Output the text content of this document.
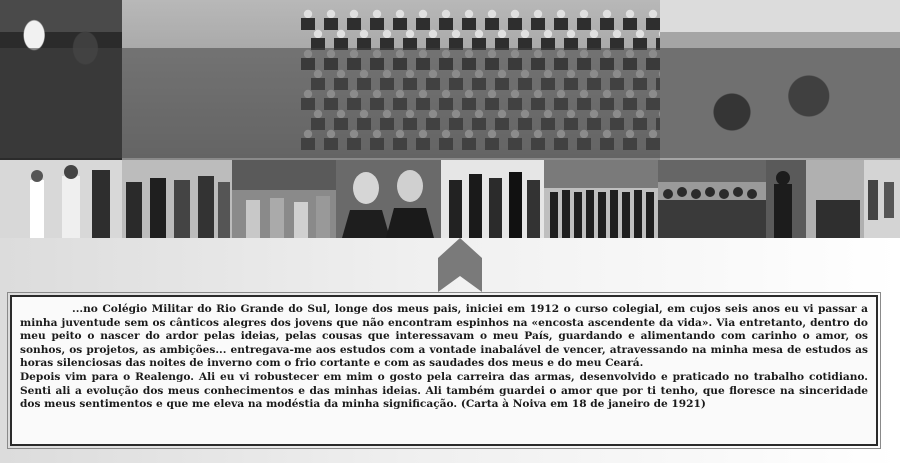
...no Colégio Militar do Rio Grande do Sul, longe dos meus pais, iniciei em 1912 o curso colegial, em cujos seis anos eu vi passar a minha juventude sem os cânticos alegres dos jovens que não encontram espinhos na «encosta ascendente da vida». Via entretanto, dentro do meu peito o nascer do ardor pelas ideias, pelas cousas que interessavam o meu País, guardando e alimentando com carinho o amor, os sonhos, os projetos, as ambições... entregava-me aos estudos com a vontade inabalável de vencer, atravessando na minha mesa de estudos as horas silenciosas das noites de inverno com o frio cortante e com as saudades dos meus e do meu Ceará.

Depois vim para o Realengo. Ali eu vi robustecer em mim o gosto pela carreira das armas, desenvolvido e praticado no trabalho cotidiano. Senti ali a evolução dos meus conhecimentos e das minhas ideias. Ali também guardei o amor que por ti tenho, que floresce na sinceridade dos meus sentimentos e que me eleva na modéstia da minha significação. (Carta à Noiva em 18 de janeiro de 1921)
